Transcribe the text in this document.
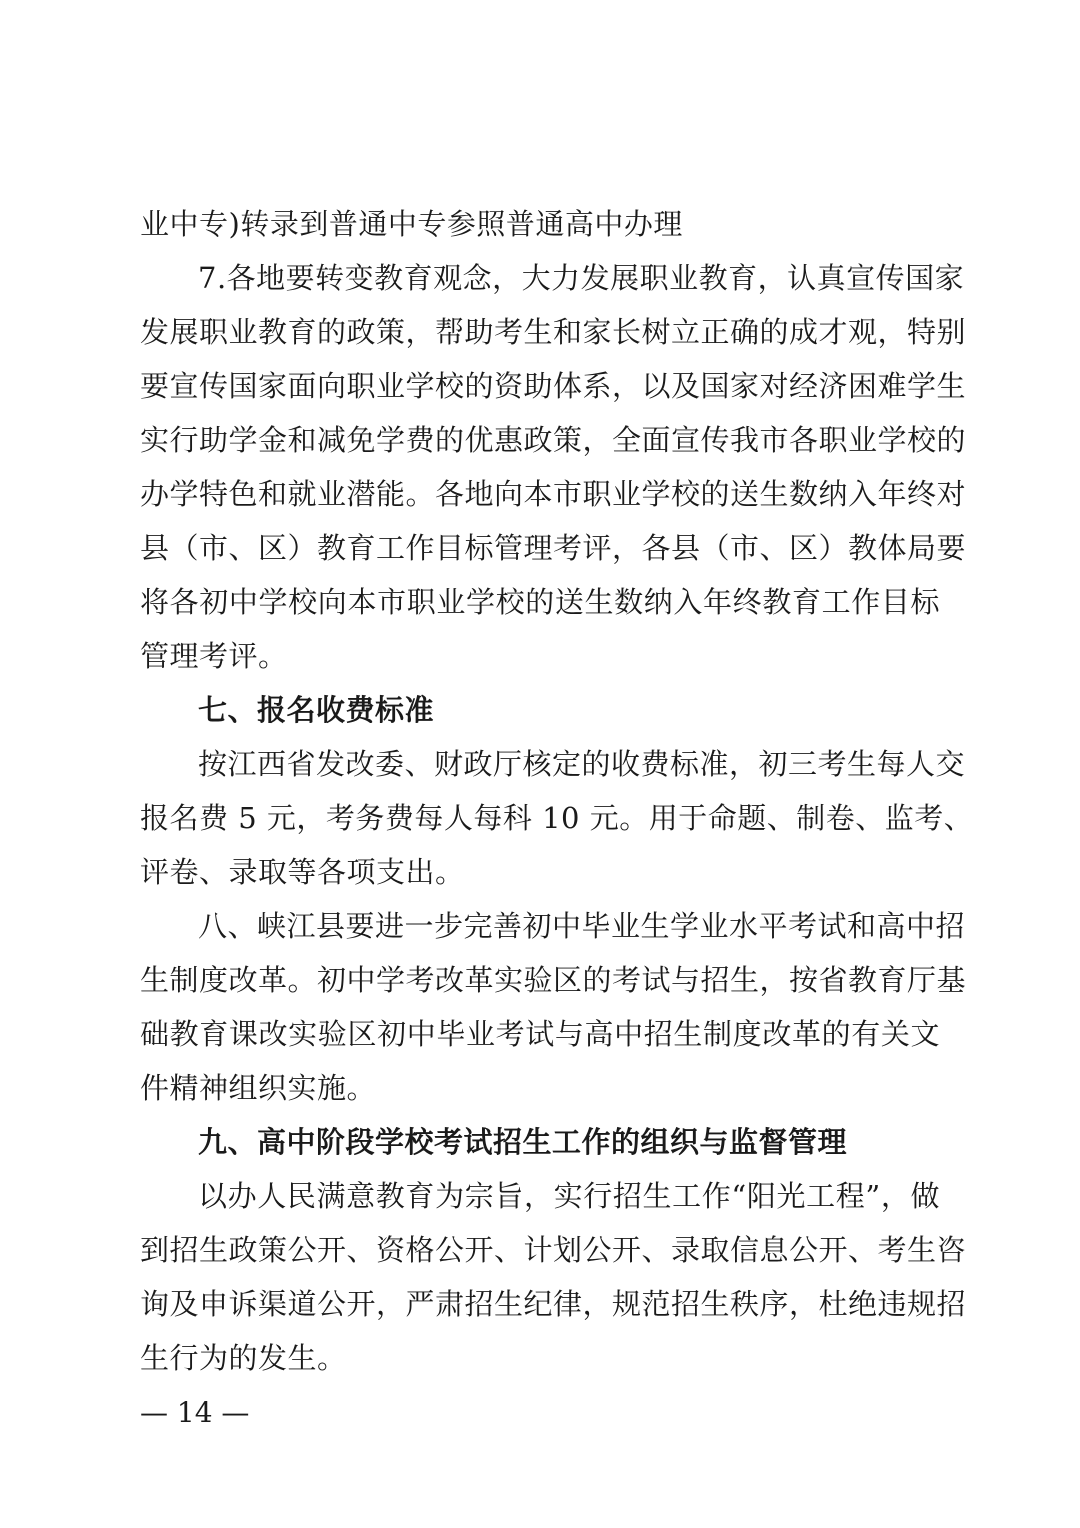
业中专)转录到普通中专参照普通高中办理
7.各地要转变教育观念，大力发展职业教育，认真宣传国家
发展职业教育的政策，帮助考生和家长树立正确的成才观，特别
要宣传国家面向职业学校的资助体系，以及国家对经济困难学生
实行助学金和减免学费的优惠政策，全面宣传我市各职业学校的
办学特色和就业潜能。各地向本市职业学校的送生数纳入年终对
县（市、区）教育工作目标管理考评，各县（市、区）教体局要
将各初中学校向本市职业学校的送生数纳入年终教育工作目标
管理考评。
七、报名收费标准
按江西省发改委、财政厅核定的收费标准，初三考生每人交
报名费 5 元，考务费每人每科 10 元。用于命题、制卷、监考、
评卷、录取等各项支出。
八、峡江县要进一步完善初中毕业生学业水平考试和高中招
生制度改革。初中学考改革实验区的考试与招生，按省教育厅基
础教育课改实验区初中毕业考试与高中招生制度改革的有关文
件精神组织实施。
九、高中阶段学校考试招生工作的组织与监督管理
以办人民满意教育为宗旨，实行招生工作“阳光工程”，做
到招生政策公开、资格公开、计划公开、录取信息公开、考生咨
询及申诉渠道公开，严肃招生纪律，规范招生秩序，杜绝违规招
生行为的发生。
— 14 —
